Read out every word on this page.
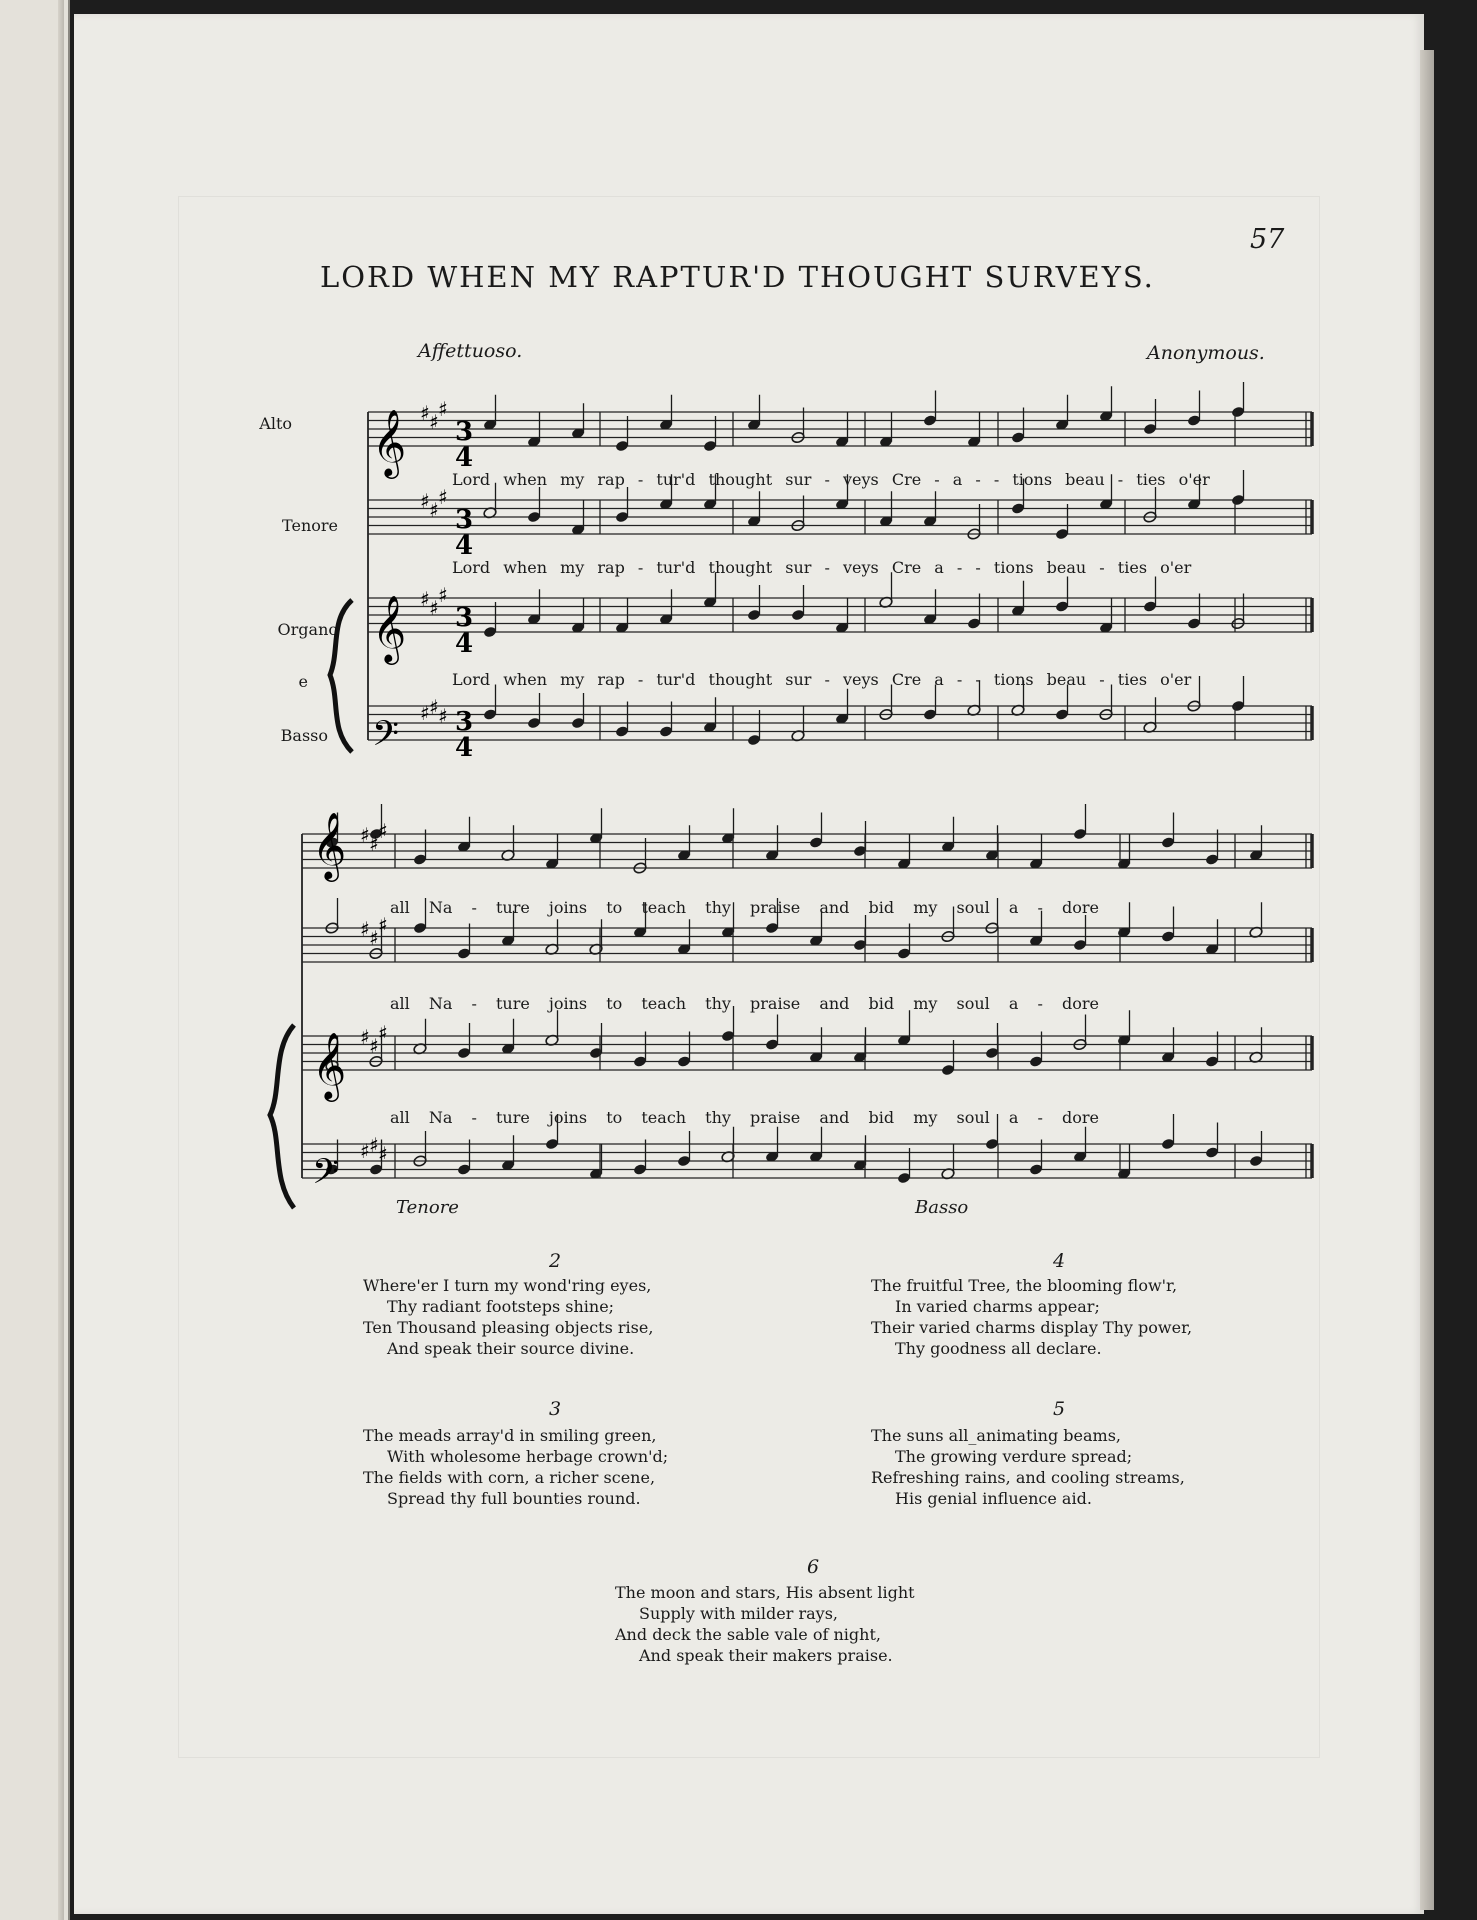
57
LORD WHEN MY RAPTUR'D THOUGHT SURVEYS.
Affettuoso.	Anonymous.
Alto
Tenore
Organo
e
Basso
𝄞
𝄞
𝄢
𝄞
𝄞
𝄢
3
4
3
4
3
4
3
4
♯ ♯
♯
♯ ♯
♯
♯ ♯
♯
♯ ♯ ♯
♯ ♯
♯
♯ ♯
♯
♯ ♯
♯
♯ ♯ ♯
Lord when my rap - tur'd thought sur - veys Cre - a - - tions beau - ties o'er
Lord when my rap - tur'd thought sur - veys Cre a - - tions beau - ties o'er
Lord when my rap - tur'd thought sur - veys Cre a - - tions beau - ties o'er
all Na - ture joins to teach thy praise and bid my soul a - dore
all Na - ture joins to teach thy praise and bid my soul a - dore
all Na - ture joins to teach thy praise and bid my soul a - dore
Tenore	Basso
2
Where'er I turn my wond'ring eyes,
Thy radiant footsteps shine;
Ten Thousand pleasing objects rise,
And speak their source divine.
3
The meads array'd in smiling green,
With wholesome herbage crown'd;
The fields with corn, a richer scene,
Spread thy full bounties round.
4
The fruitful Tree, the blooming flow'r,
In varied charms appear;
Their varied charms display Thy power,
Thy goodness all declare.
5
The suns all_animating beams,
The growing verdure spread;
Refreshing rains, and cooling streams,
His genial influence aid.
6
The moon and stars, His absent light
Supply with milder rays,
And deck the sable vale of night,
And speak their makers praise.
